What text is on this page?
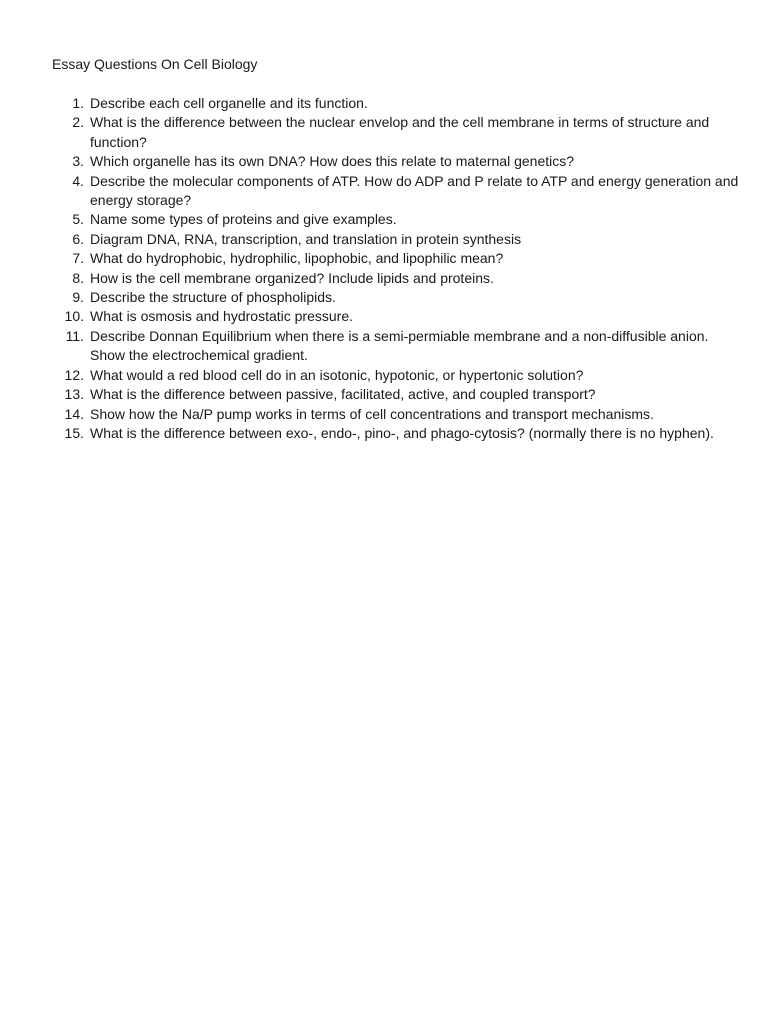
Essay Questions On Cell Biology
1. Describe each cell organelle and its function.
2. What is the difference between the nuclear envelop and the cell membrane in terms of structure and function?
3. Which organelle has its own DNA? How does this relate to maternal genetics?
4. Describe the molecular components of ATP. How do ADP and P relate to ATP and energy generation and energy storage?
5. Name some types of proteins and give examples.
6. Diagram DNA, RNA, transcription, and translation in protein synthesis
7. What do hydrophobic, hydrophilic, lipophobic, and lipophilic mean?
8. How is the cell membrane organized? Include lipids and proteins.
9. Describe the structure of phospholipids.
10. What is osmosis and hydrostatic pressure.
11. Describe Donnan Equilibrium when there is a semi-permiable membrane and a non-diffusible anion. Show the electrochemical gradient.
12. What would a red blood cell do in an isotonic, hypotonic, or hypertonic solution?
13. What is the difference between passive, facilitated, active, and coupled transport?
14. Show how the Na/P pump works in terms of cell concentrations and transport mechanisms.
15. What is the difference between exo-, endo-, pino-, and phago-cytosis? (normally there is no hyphen).
